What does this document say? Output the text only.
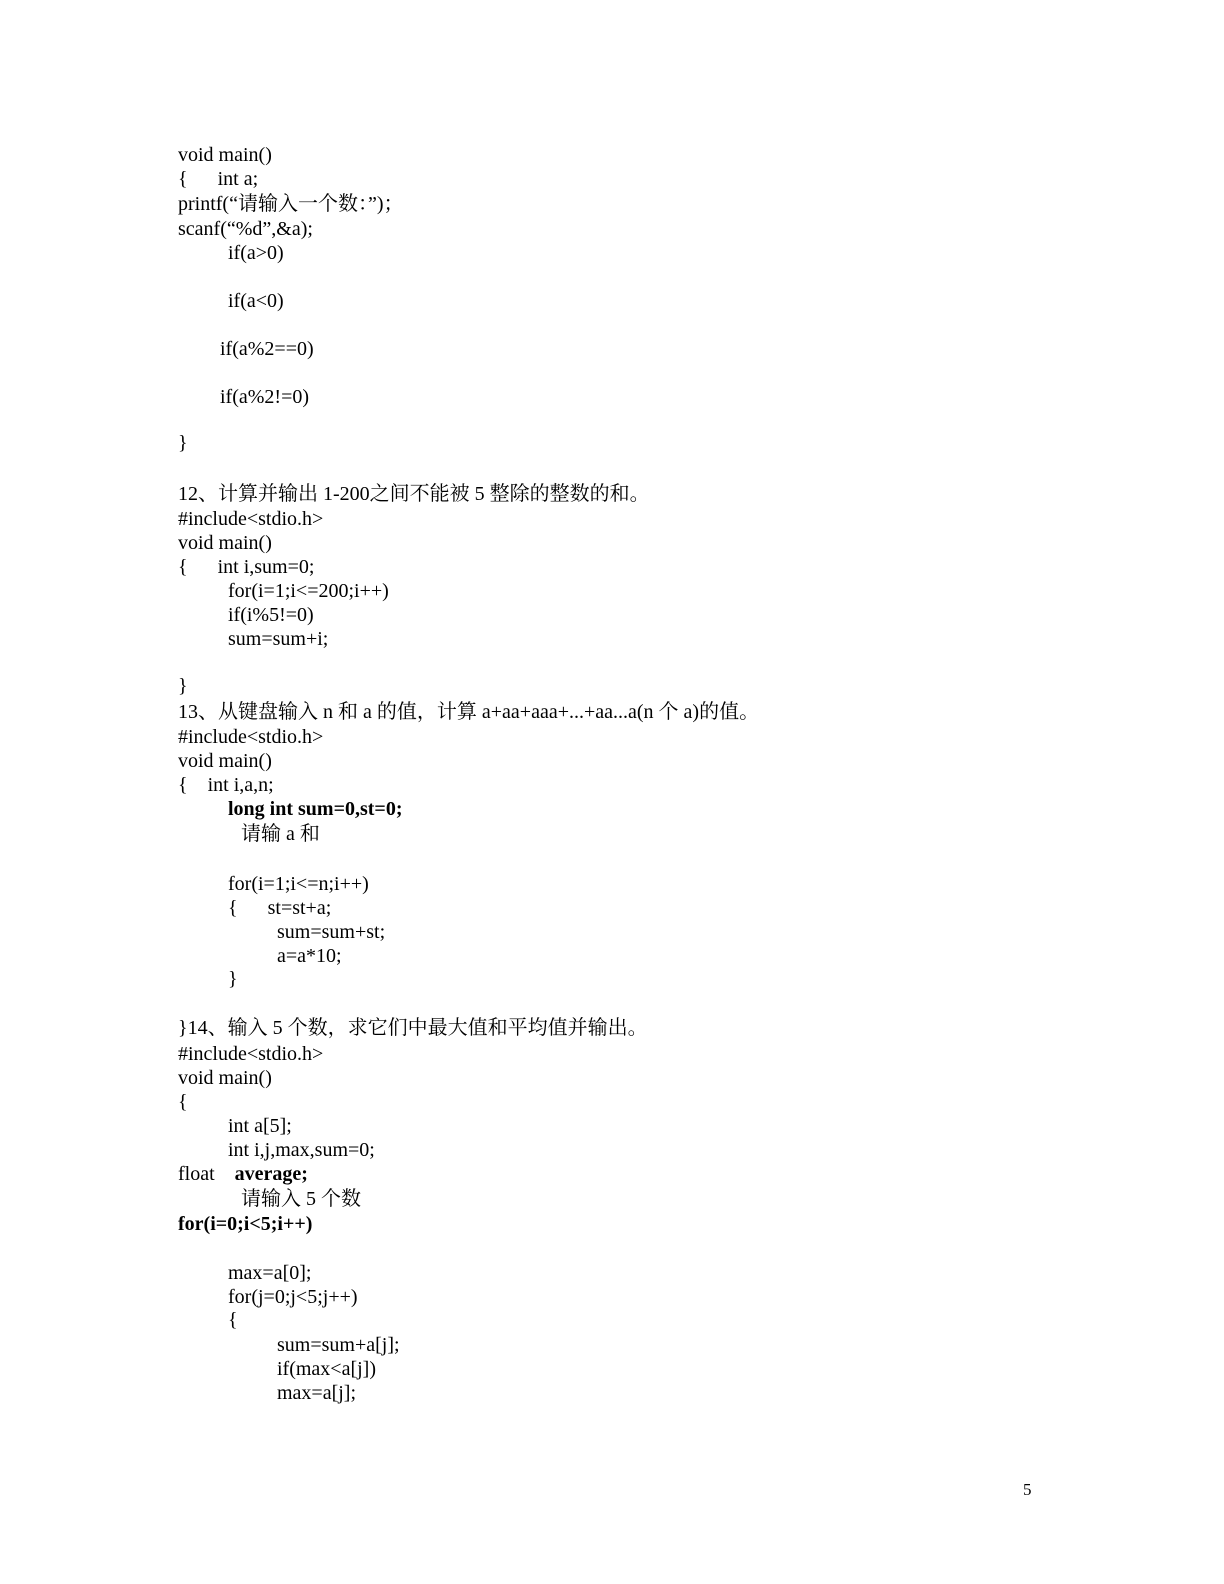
void main()
{      int a;
printf(“请输入一个数：”)；
scanf(“%d”,&a);
if(a>0)
if(a<0)
if(a%2==0)
if(a%2!=0)
}
12、计算并输出 1-200之间不能被 5 整除的整数的和。
#include<stdio.h>
void main()
{      int i,sum=0;
for(i=1;i<=200;i++)
if(i%5!=0)
sum=sum+i;
}
13、从键盘输入 n 和 a 的值，计算 a+aa+aaa+...+aa...a(n 个 a)的值。
#include<stdio.h>
void main()
{    int i,a,n;
long int sum=0,st=0;
请输 a 和
for(i=1;i<=n;i++)
{      st=st+a;
sum=sum+st;
a=a*10;
}
}14、输入 5 个数，求它们中最大值和平均值并输出。
#include<stdio.h>
void main()
{
int a[5];
int i,j,max,sum=0;
float    average;
请输入 5 个数
for(i=0;i<5;i++)
max=a[0];
for(j=0;j<5;j++)
{
sum=sum+a[j];
if(max<a[j])
max=a[j];
5
